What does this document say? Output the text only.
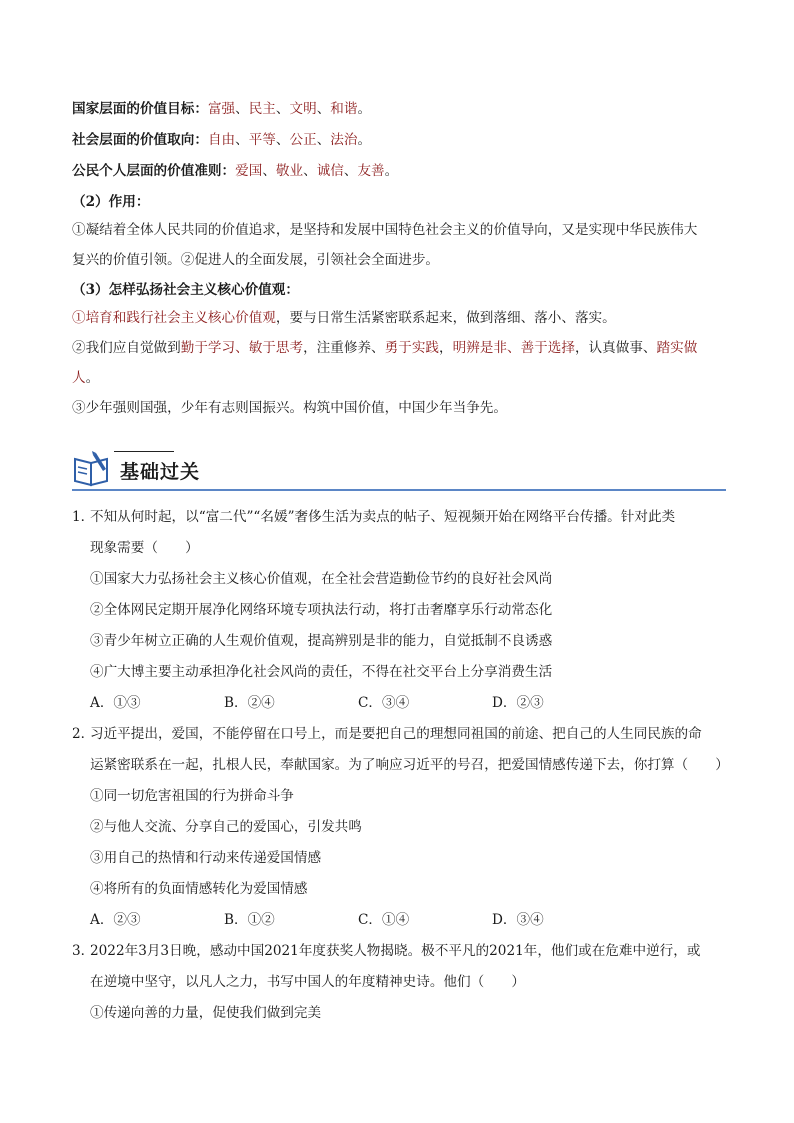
国家层面的价值目标：富强、民主、文明、和谐。

社会层面的价值取向：自由、平等、公正、法治。

公民个人层面的价值准则：爱国、敬业、诚信、友善。

（2）作用：

①凝结着全体人民共同的价值追求，是坚持和发展中国特色社会主义的价值导向，又是实现中华民族伟大

复兴的价值引领。②促进人的全面发展，引领社会全面进步。

（3）怎样弘扬社会主义核心价值观：

①培育和践行社会主义核心价值观，要与日常生活紧密联系起来，做到落细、落小、落实。

②我们应自觉做到勤于学习、敏于思考，注重修养、勇于实践，明辨是非、善于选择，认真做事、踏实做

人。

③少年强则国强，少年有志则国振兴。构筑中国价值，中国少年当争先。

基础过关

1．不知从何时起，以“富二代”“名媛”奢侈生活为卖点的帖子、短视频开始在网络平台传播。针对此类

现象需要（　　）

①国家大力弘扬社会主义核心价值观，在全社会营造勤俭节约的良好社会风尚

②全体网民定期开展净化网络环境专项执法行动，将打击奢靡享乐行动常态化

③青少年树立正确的人生观价值观，提高辨别是非的能力，自觉抵制不良诱惑

④广大博主要主动承担净化社会风尚的责任，不得在社交平台上分享消费生活

A．①③	B．②④	C．③④	D．②③

2．习近平提出，爱国，不能停留在口号上，而是要把自己的理想同祖国的前途、把自己的人生同民族的命

运紧密联系在一起，扎根人民，奉献国家。为了响应习近平的号召，把爱国情感传递下去，你打算（　　）

①同一切危害祖国的行为拼命斗争

②与他人交流、分享自己的爱国心，引发共鸣

③用自己的热情和行动来传递爱国情感

④将所有的负面情感转化为爱国情感

A．②③	B．①②	C．①④	D．③④

3．2022年3月3日晚，感动中国2021年度获奖人物揭晓。极不平凡的2021年，他们或在危难中逆行，或

在逆境中坚守，以凡人之力，书写中国人的年度精神史诗。他们（　　）

①传递向善的力量，促使我们做到完美
